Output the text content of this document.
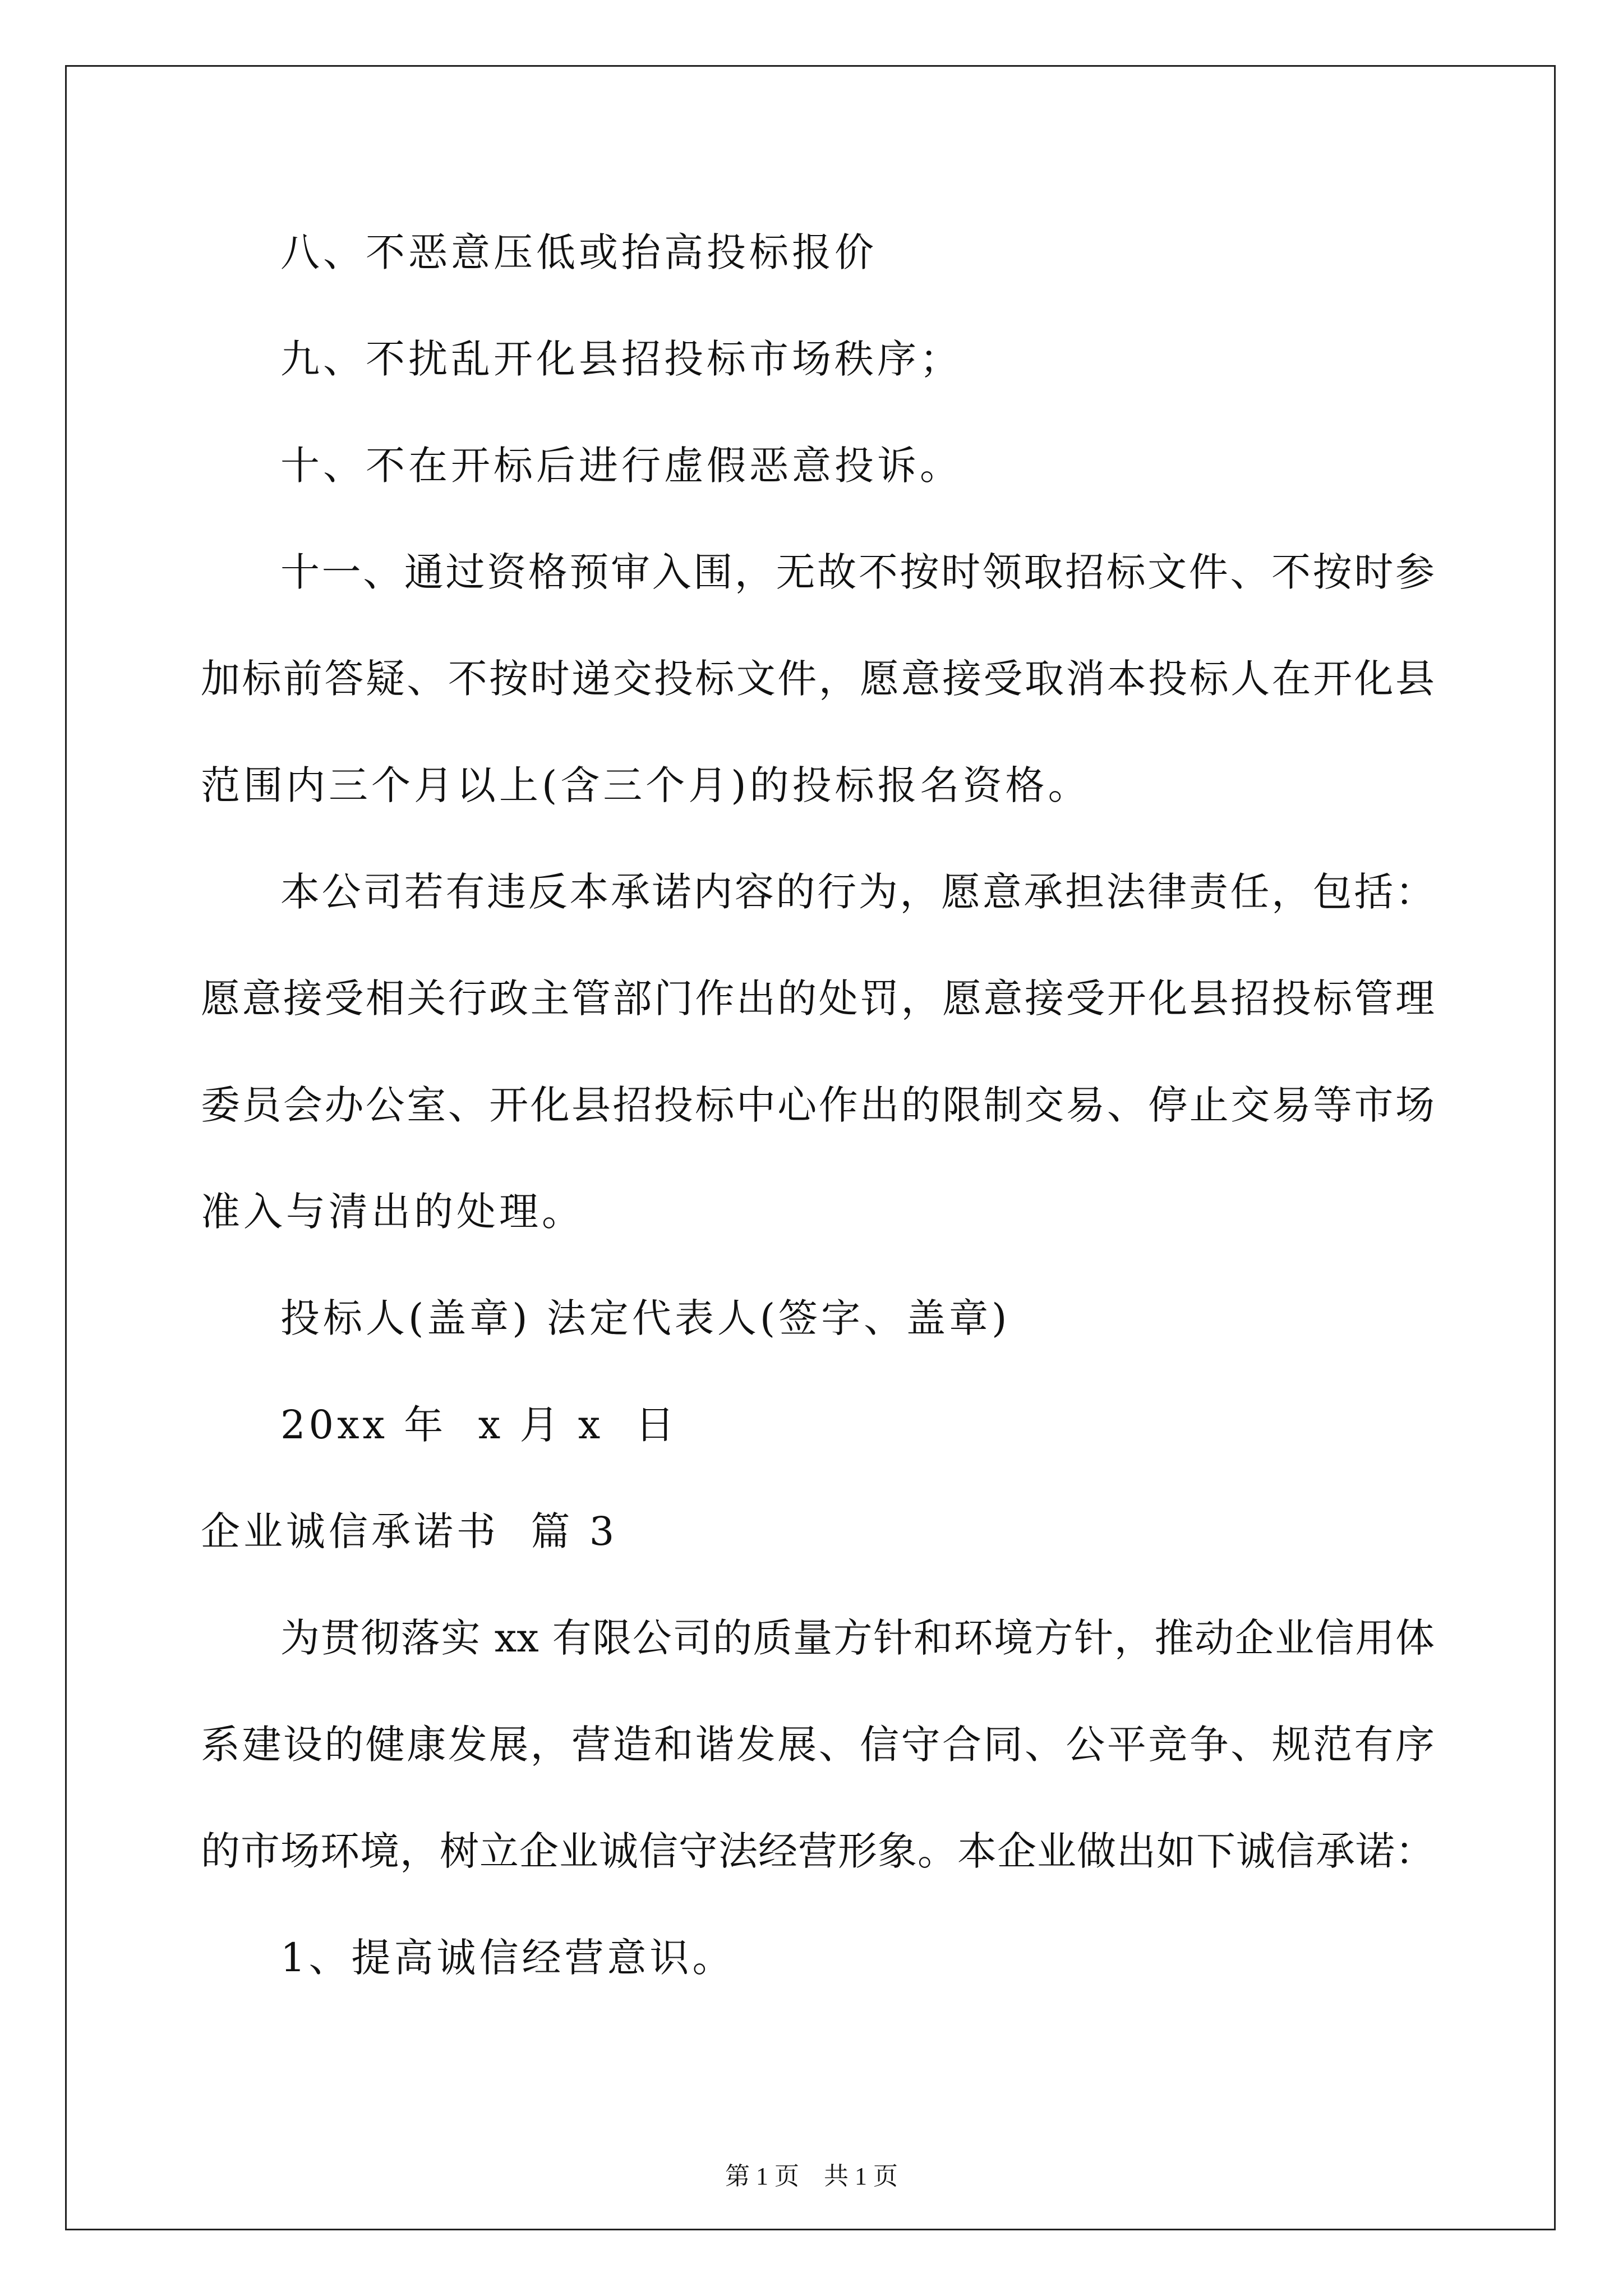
八、不恶意压低或抬高投标报价
九、不扰乱开化县招投标市场秩序；
十、不在开标后进行虚假恶意投诉。
十一、通过资格预审入围，无故不按时领取招标文件、不按时参
加标前答疑、不按时递交投标文件，愿意接受取消本投标人在开化县
范围内三个月以上(含三个月)的投标报名资格。
本公司若有违反本承诺内容的行为，愿意承担法律责任，包括：
愿意接受相关行政主管部门作出的处罚，愿意接受开化县招投标管理
委员会办公室、开化县招投标中心作出的限制交易、停止交易等市场
准入与清出的处理。
投标人(盖章) 法定代表人(签字、盖章)
20xx 年  x 月 x  日
企业诚信承诺书  篇 3
为贯彻落实 xx 有限公司的质量方针和环境方针，推动企业信用体
系建设的健康发展，营造和谐发展、信守合同、公平竞争、规范有序
的市场环境，树立企业诚信守法经营形象。本企业做出如下诚信承诺：
1、提高诚信经营意识。
第 1 页    共 1 页
